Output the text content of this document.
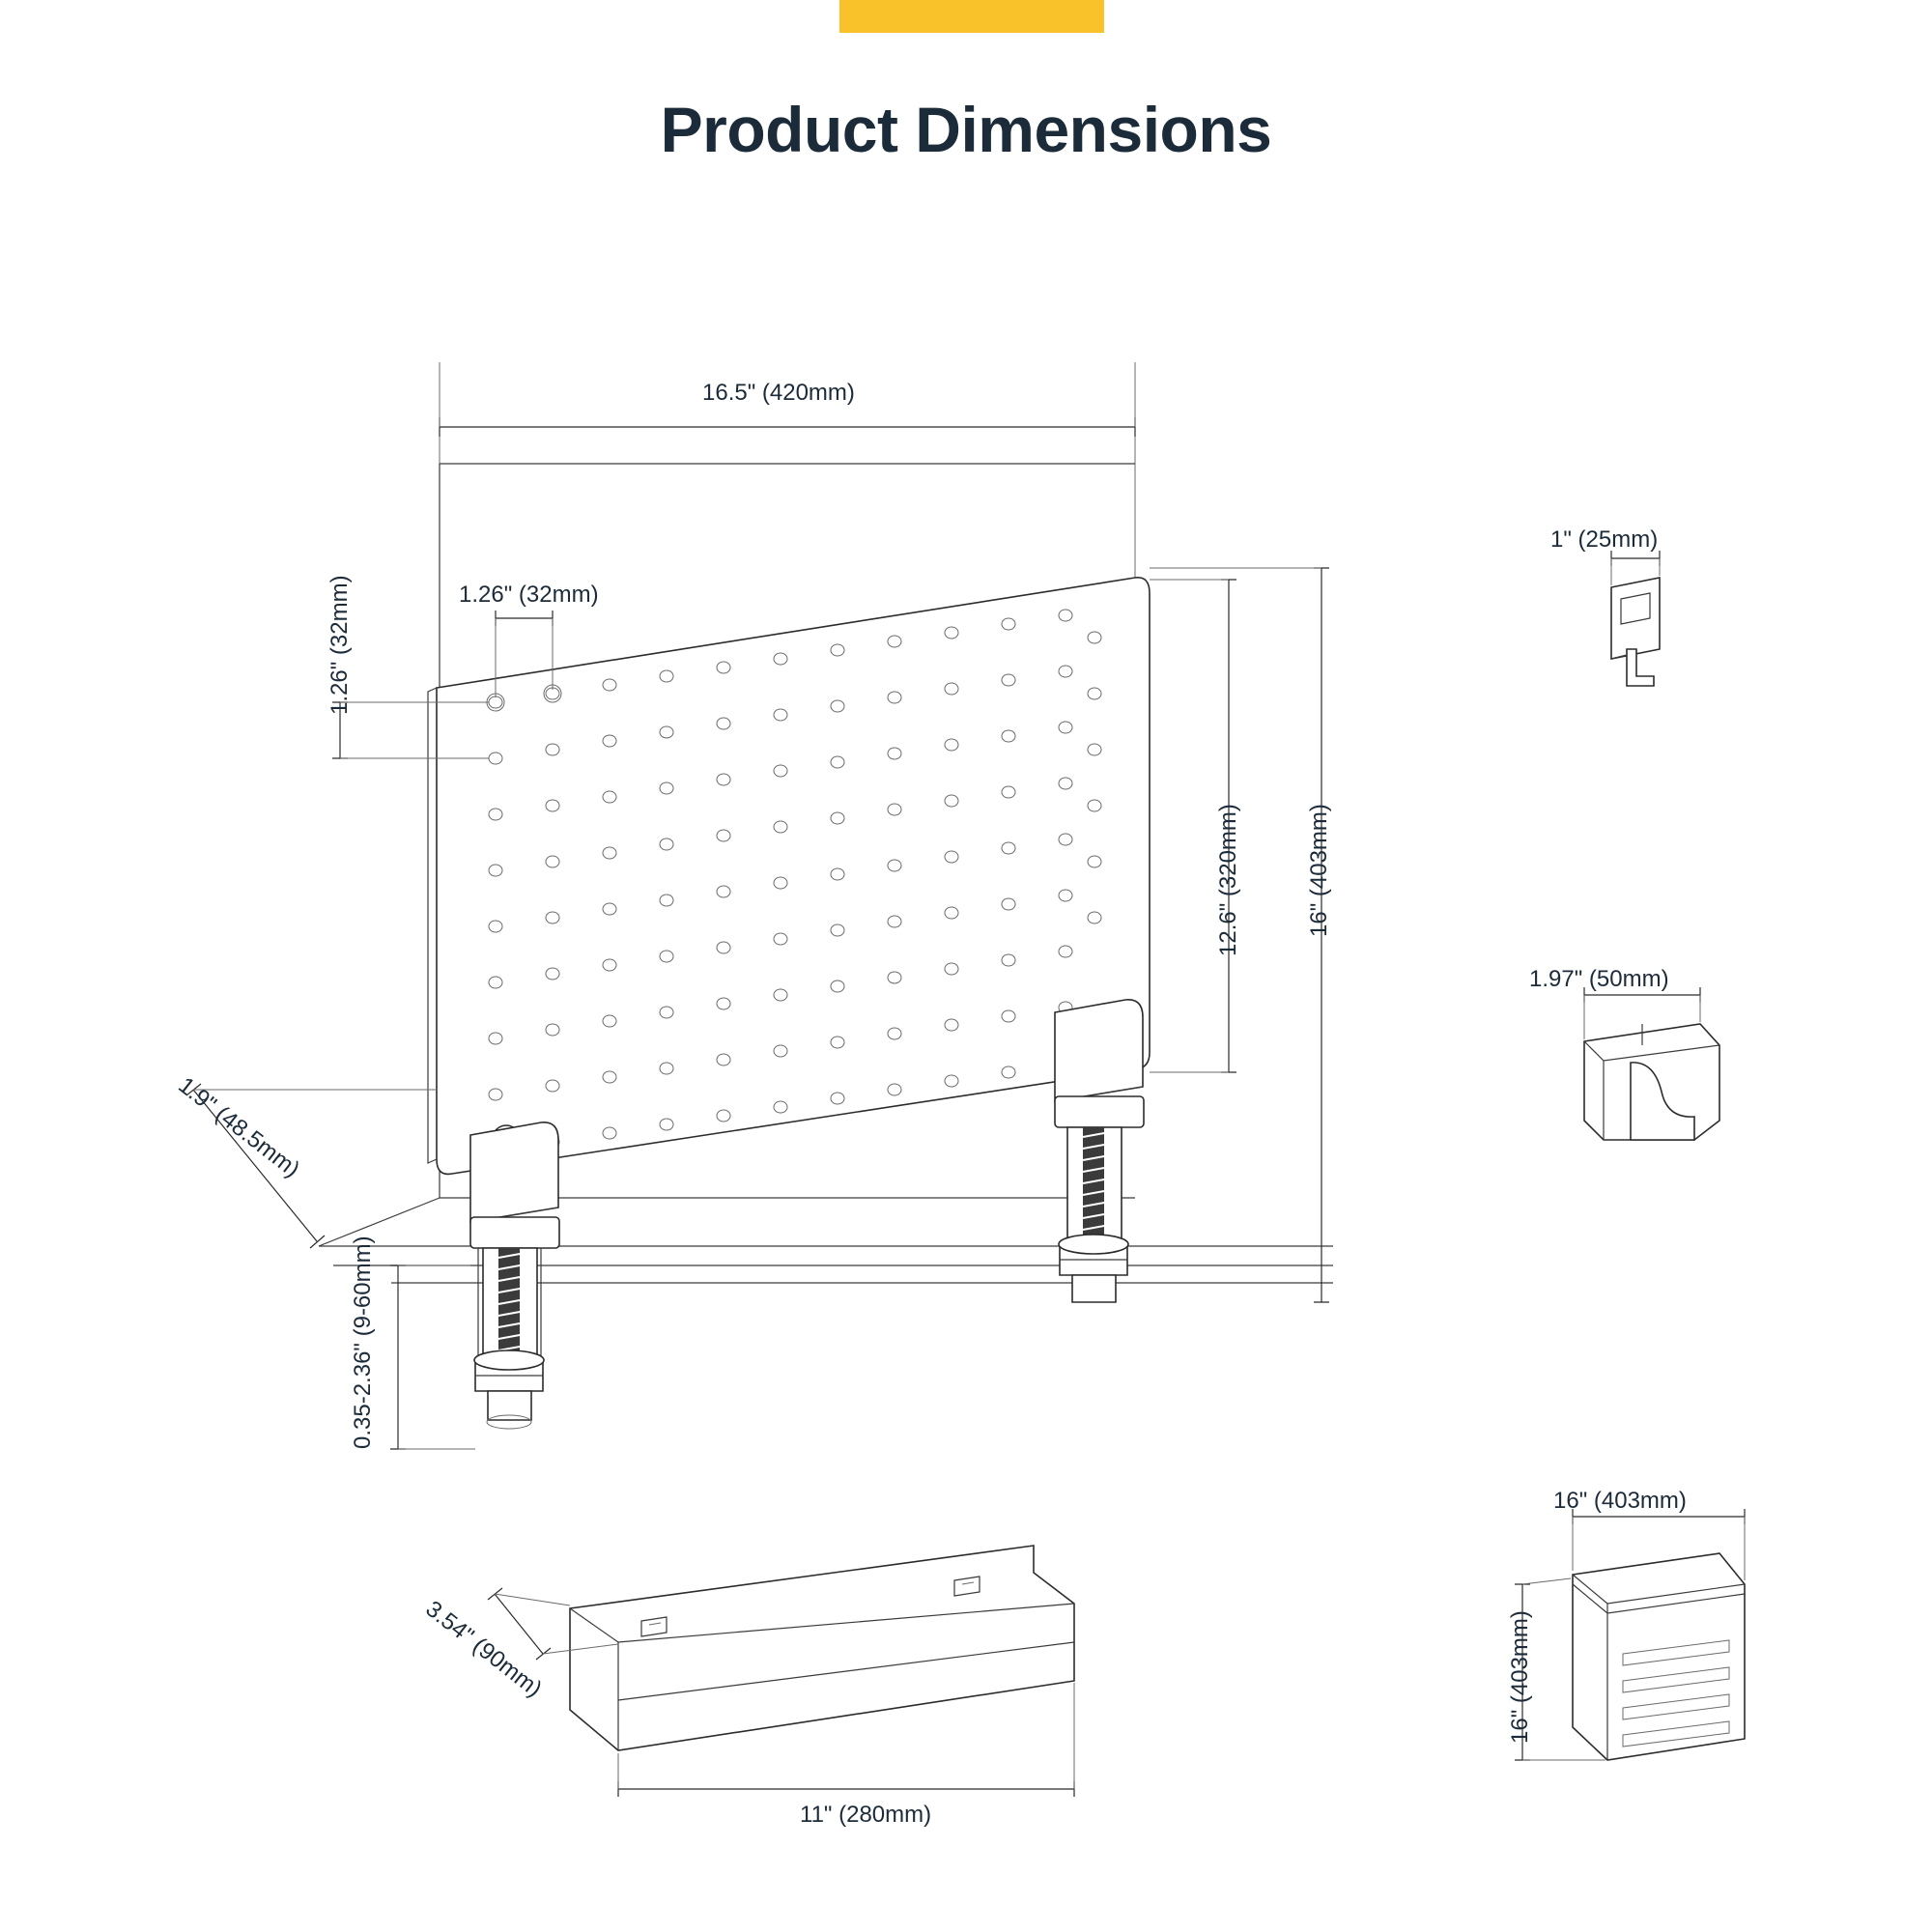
Product Dimensions
16.5" (420mm)
1.26" (32mm)
1.26" (32mm)
12.6" (320mm)	16" (403mm)
1.9" (48.5mm)
0.35-2.36" (9-60mm)
1" (25mm)
1.97" (50mm)
11" (280mm)
3.54" (90mm)
16" (403mm)
16" (403mm)
